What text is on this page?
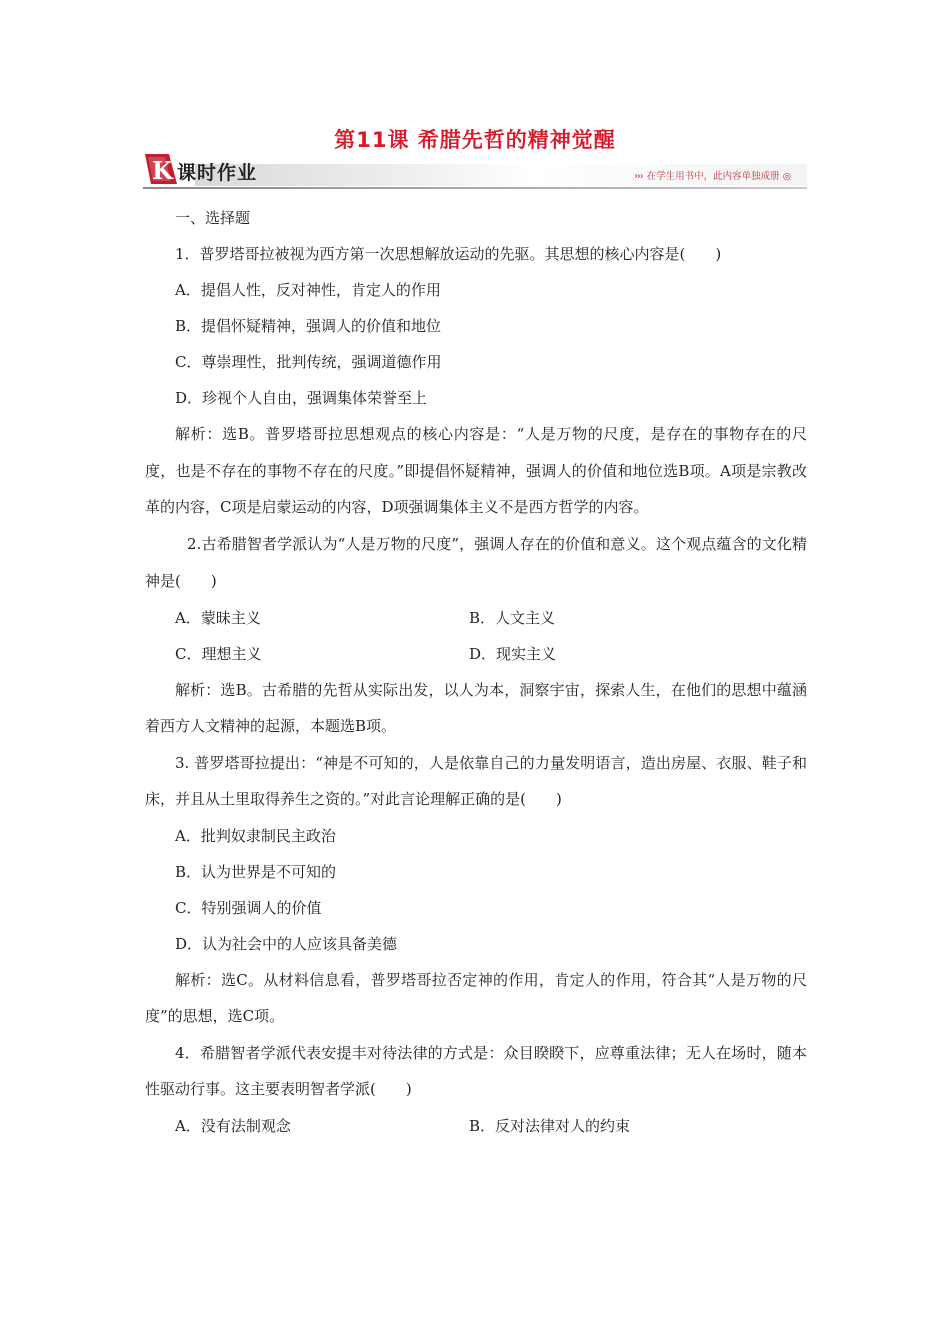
第11课 希腊先哲的精神觉醒
K 课时作业	››› 在学生用书中，此内容单独成册 ◎
一、选择题
1．普罗塔哥拉被视为西方第一次思想解放运动的先驱。其思想的核心内容是(　　)
A．提倡人性，反对神性，肯定人的作用
B．提倡怀疑精神，强调人的价值和地位
C．尊崇理性，批判传统，强调道德作用
D．珍视个人自由，强调集体荣誉至上
解析：选B。普罗塔哥拉思想观点的核心内容是：“人是万物的尺度，是存在的事物存在的尺度，也是不存在的事物不存在的尺度。”即提倡怀疑精神，强调人的价值和地位选B项。A项是宗教改革的内容，C项是启蒙运动的内容，D项强调集体主义不是西方哲学的内容。
2.古希腊智者学派认为“人是万物的尺度”，强调人存在的价值和意义。这个观点蕴含的文化精神是(　　)
A．蒙昧主义	B．人文主义
C．理想主义	D．现实主义
解析：选B。古希腊的先哲从实际出发，以人为本，洞察宇宙，探索人生，在他们的思想中蕴涵着西方人文精神的起源，本题选B项。
3. 普罗塔哥拉提出：“神是不可知的，人是依靠自己的力量发明语言，造出房屋、衣服、鞋子和床，并且从土里取得养生之资的。”对此言论理解正确的是(　　)
A．批判奴隶制民主政治
B．认为世界是不可知的
C．特别强调人的价值
D．认为社会中的人应该具备美德
解析：选C。从材料信息看，普罗塔哥拉否定神的作用，肯定人的作用，符合其“人是万物的尺度”的思想，选C项。
4．希腊智者学派代表安提丰对待法律的方式是：众目睽睽下，应尊重法律；无人在场时，随本性驱动行事。这主要表明智者学派(　　)
A．没有法制观念	B．反对法律对人的约束
